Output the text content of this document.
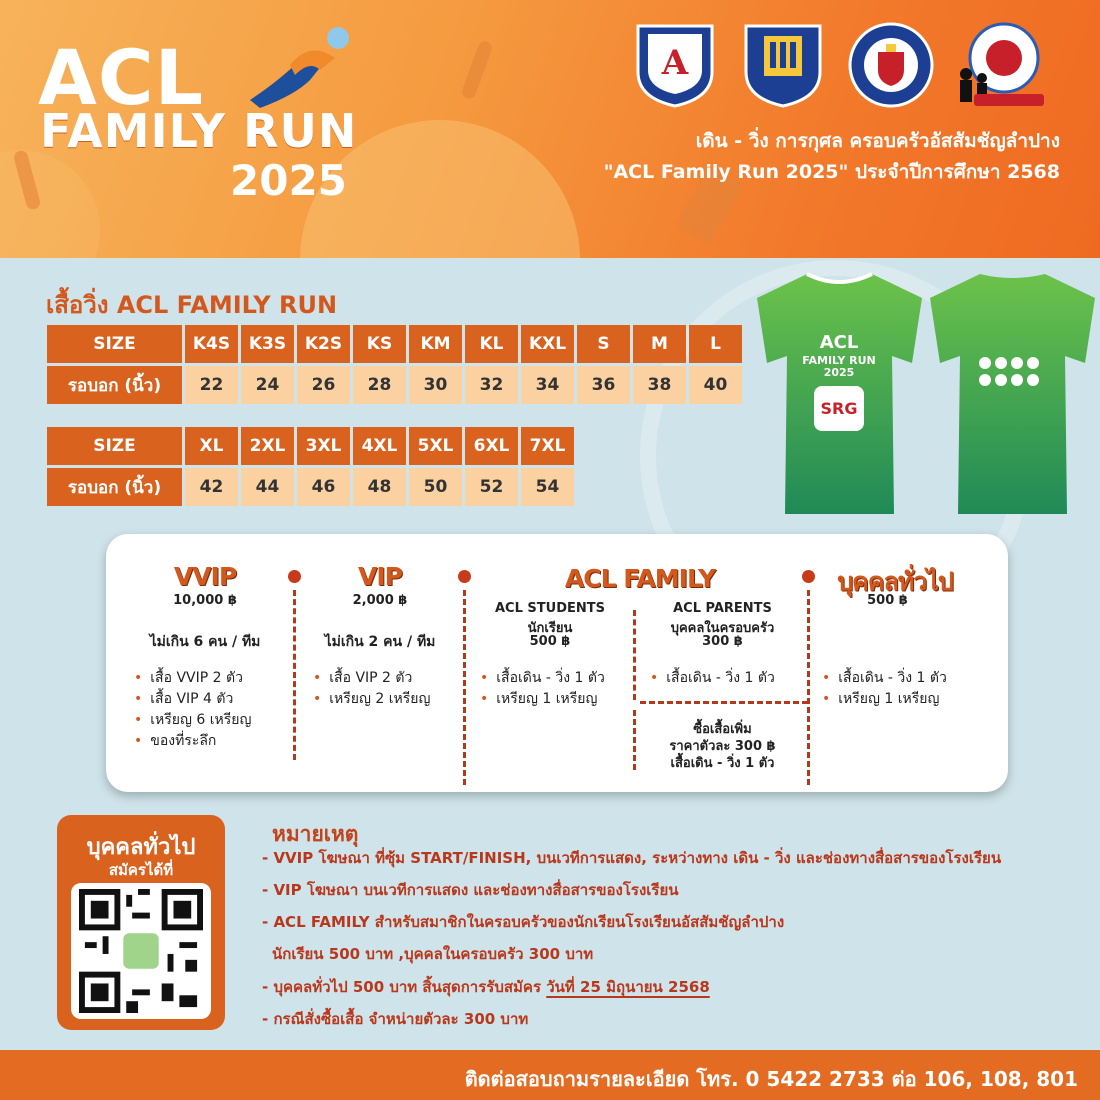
ACL
FAMILY RUN
2025
A
เดิน - วิ่ง การกุศล ครอบครัวอัสสัมชัญลำปาง
"ACL Family Run 2025" ประจำปีการศึกษา 2568
เสื้อวิ่ง ACL FAMILY RUN
SIZE	K4S	K3S	K2S	KS	KM	KL	KXL	S	M	L
รอบอก (นิ้ว)	22	24	26	28	30	32	34	36	38	40
SIZE	XL	2XL	3XL	4XL	5XL	6XL	7XL
รอบอก (นิ้ว)	42	44	46	48	50	52	54
ACL
FAMILY RUN
2025
SRG
VVIP
10,000 ฿
ไม่เกิน 6 คน / ทีม
• เสื้อ VVIP 2 ตัว
• เสื้อ VIP 4 ตัว
• เหรียญ 6 เหรียญ
• ของที่ระลึก
VIP
2,000 ฿
ไม่เกิน 2 คน / ทีม
• เสื้อ VIP 2 ตัว
• เหรียญ 2 เหรียญ
ACL FAMILY
ACL STUDENTS
นักเรียน
500 ฿
• เสื้อเดิน - วิ่ง 1 ตัว
• เหรียญ 1 เหรียญ
ACL PARENTS
บุคคลในครอบครัว
300 ฿
• เสื้อเดิน - วิ่ง 1 ตัว
ซื้อเสื้อเพิ่ม
ราคาตัวละ 300 ฿
เสื้อเดิน - วิ่ง 1 ตัว
บุคคลทั่วไป
500 ฿
• เสื้อเดิน - วิ่ง 1 ตัว
• เหรียญ 1 เหรียญ
บุคคลทั่วไป
สมัครได้ที่
หมายเหตุ
- VVIP โฆษณา ที่ซุ้ม START/FINISH, บนเวทีการแสดง, ระหว่างทาง เดิน - วิ่ง และช่องทางสื่อสารของโรงเรียน
- VIP โฆษณา บนเวทีการแสดง และช่องทางสื่อสารของโรงเรียน
- ACL FAMILY สำหรับสมาชิกในครอบครัวของนักเรียนโรงเรียนอัสสัมชัญลำปาง
นักเรียน 500 บาท ,บุคคลในครอบครัว 300 บาท
- บุคคลทั่วไป 500 บาท สิ้นสุดการรับสมัคร วันที่ 25 มิถุนายน 2568
- กรณีสั่งซื้อเสื้อ จำหน่ายตัวละ 300 บาท
ติดต่อสอบถามรายละเอียด โทร. 0 5422 2733 ต่อ 106, 108, 801
